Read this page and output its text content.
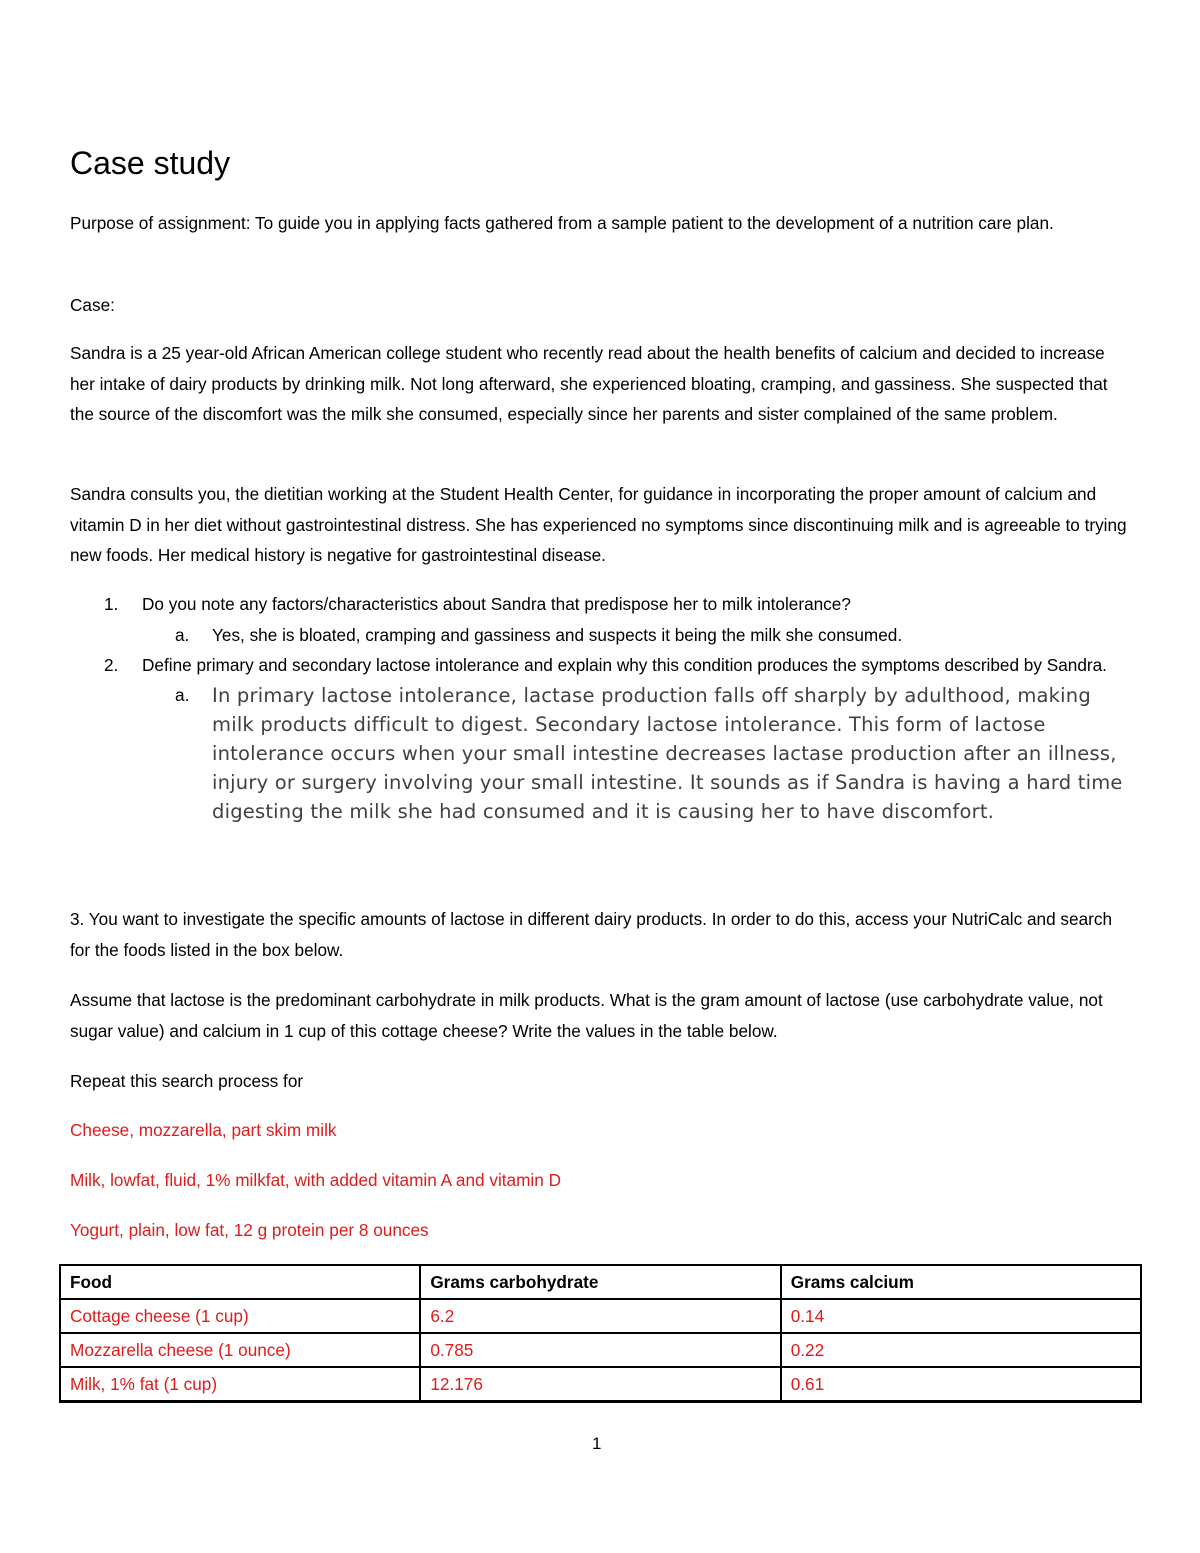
Case study

Purpose of assignment: To guide you in applying facts gathered from a sample patient to the development of a nutrition care plan.

Case:

Sandra is a 25 year-old African American college student who recently read about the health benefits of calcium and decided to increase her intake of dairy products by drinking milk. Not long afterward, she experienced bloating, cramping, and gassiness. She suspected that the source of the discomfort was the milk she consumed, especially since her parents and sister complained of the same problem.

Sandra consults you, the dietitian working at the Student Health Center, for guidance in incorporating the proper amount of calcium and vitamin D in her diet without gastrointestinal distress. She has experienced no symptoms since discontinuing milk and is agreeable to trying new foods. Her medical history is negative for gastrointestinal disease.

1. Do you note any factors/characteristics about Sandra that predispose her to milk intolerance?
a. Yes, she is bloated, cramping and gassiness and suspects it being the milk she consumed.
2. Define primary and secondary lactose intolerance and explain why this condition produces the symptoms described by Sandra.
a. In primary lactose intolerance, lactase production falls off sharply by adulthood, making milk products difficult to digest. Secondary lactose intolerance. This form of lactose intolerance occurs when your small intestine decreases lactase production after an illness, injury or surgery involving your small intestine. It sounds as if Sandra is having a hard time digesting the milk she had consumed and it is causing her to have discomfort.

3. You want to investigate the specific amounts of lactose in different dairy products. In order to do this, access your NutriCalc and search for the foods listed in the box below.

Assume that lactose is the predominant carbohydrate in milk products. What is the gram amount of lactose (use carbohydrate value, not sugar value) and calcium in 1 cup of this cottage cheese? Write the values in the table below.

Repeat this search process for

Cheese, mozzarella, part skim milk

Milk, lowfat, fluid, 1% milkfat, with added vitamin A and vitamin D

Yogurt, plain, low fat, 12 g protein per 8 ounces

Food	Grams carbohydrate	Grams calcium
Cottage cheese (1 cup)	6.2	0.14
Mozzarella cheese (1 ounce)	0.785	0.22
Milk, 1% fat (1 cup)	12.176	0.61
1
